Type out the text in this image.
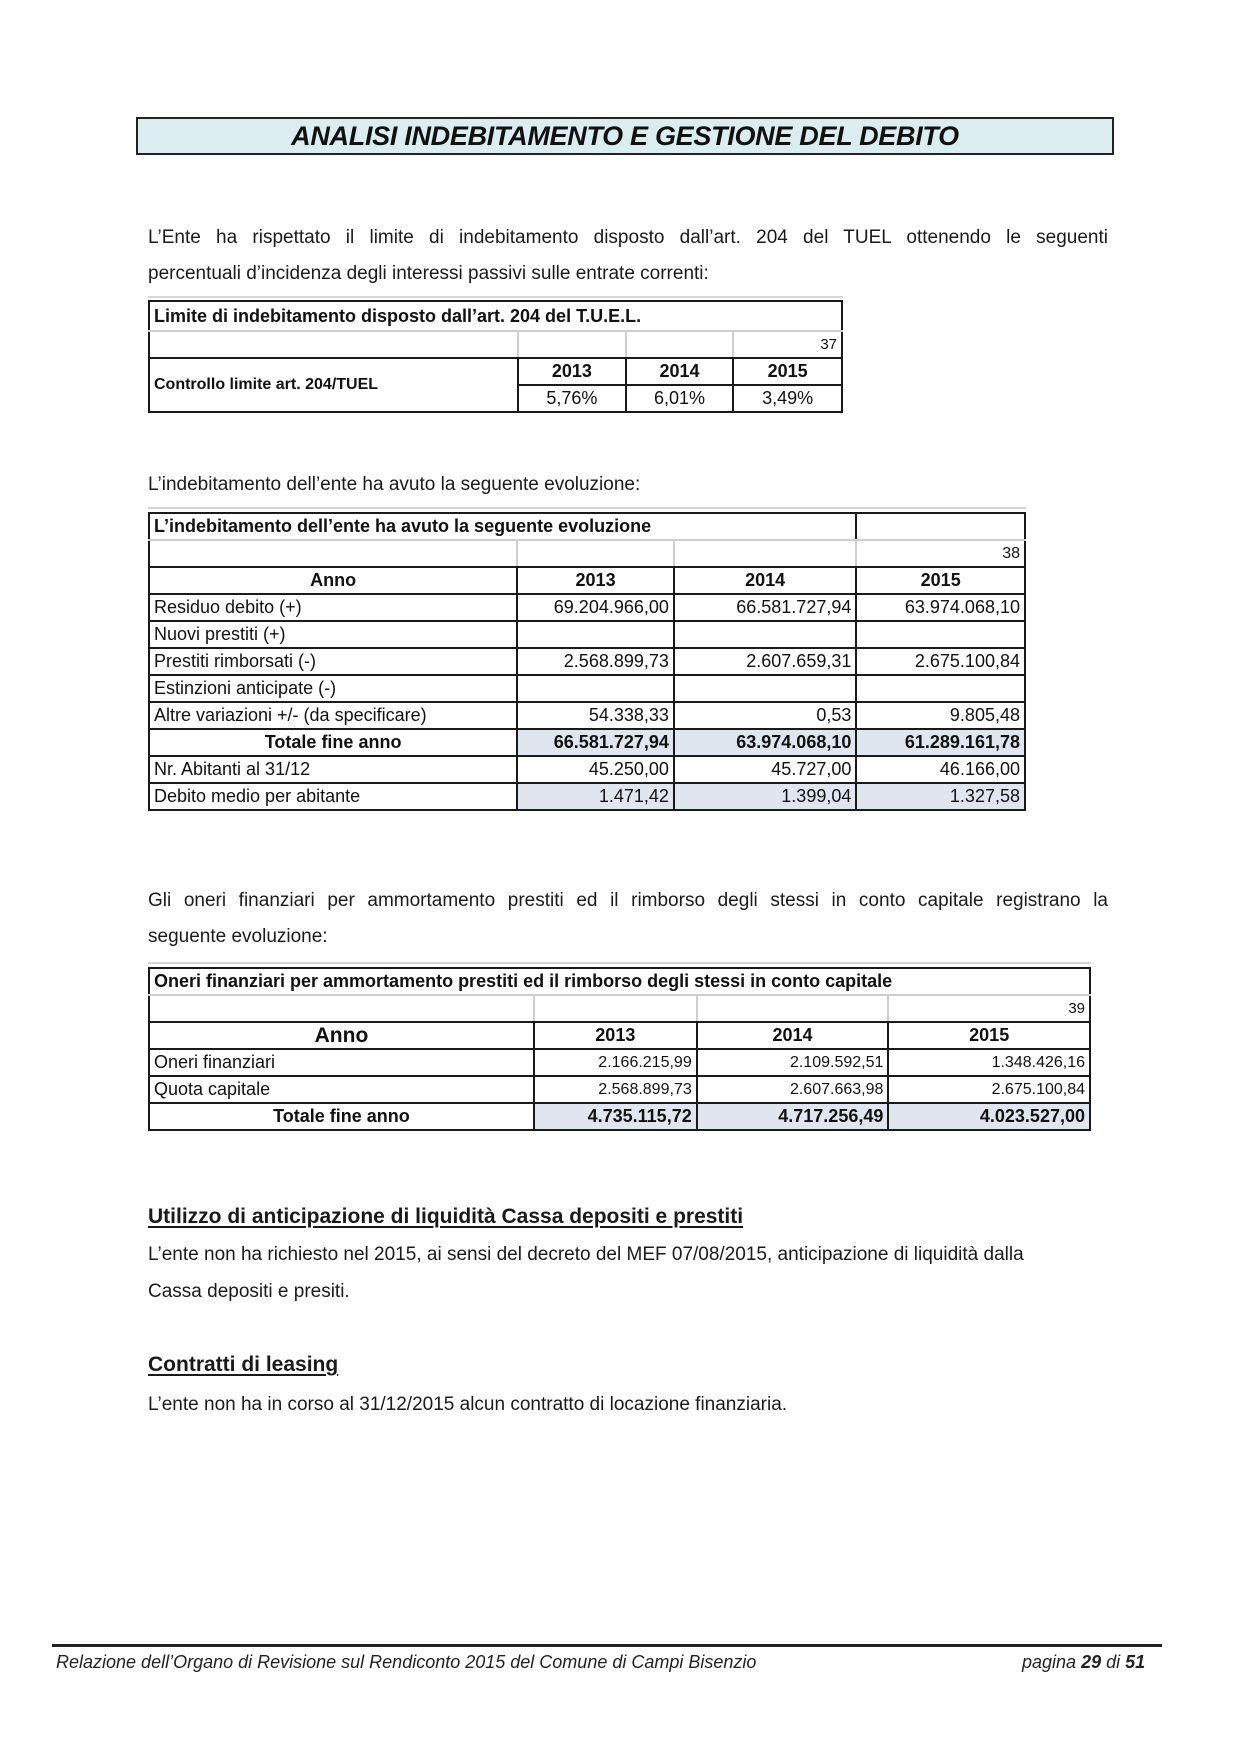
ANALISI INDEBITAMENTO E GESTIONE DEL DEBITO
L’Ente ha rispettato il limite di indebitamento disposto dall’art. 204 del TUEL ottenendo le seguenti
percentuali d’incidenza degli interessi passivi sulle entrate correnti:
Limite di indebitamento disposto dall’art. 204 del T.U.E.L.			
			37
Controllo limite art. 204/TUEL	2013	2014	2015
	5,76%	6,01%	3,49%
L’indebitamento dell’ente ha avuto la seguente evoluzione:
L’indebitamento dell’ente ha avuto la seguente evoluzione			
			38
Anno	2013	2014	2015
Residuo debito (+)	69.204.966,00	66.581.727,94	63.974.068,10
Nuovi prestiti (+)			
Prestiti rimborsati (-)	2.568.899,73	2.607.659,31	2.675.100,84
Estinzioni anticipate (-)			
Altre variazioni +/- (da specificare)	54.338,33	0,53	9.805,48
Totale fine anno	66.581.727,94	63.974.068,10	61.289.161,78
Nr. Abitanti al 31/12	45.250,00	45.727,00	46.166,00
Debito medio per abitante	1.471,42	1.399,04	1.327,58
Gli oneri finanziari per ammortamento prestiti ed il rimborso degli stessi in conto capitale registrano la
seguente evoluzione:
Oneri finanziari per ammortamento prestiti ed il rimborso degli stessi in conto capitale			
			39
Anno	2013	2014	2015
Oneri finanziari	2.166.215,99	2.109.592,51	1.348.426,16
Quota capitale	2.568.899,73	2.607.663,98	2.675.100,84
Totale fine anno	4.735.115,72	4.717.256,49	4.023.527,00
Utilizzo di anticipazione di liquidità Cassa depositi e prestiti
L’ente non ha richiesto nel 2015, ai sensi del decreto del MEF 07/08/2015, anticipazione di liquidità dalla
Cassa depositi e presiti.
Contratti di leasing
L’ente non ha in corso al 31/12/2015 alcun contratto di locazione finanziaria.
Relazione dell’Organo di Revisione sul Rendiconto 2015 del Comune di Campi Bisenzio	pagina 29 di 51
